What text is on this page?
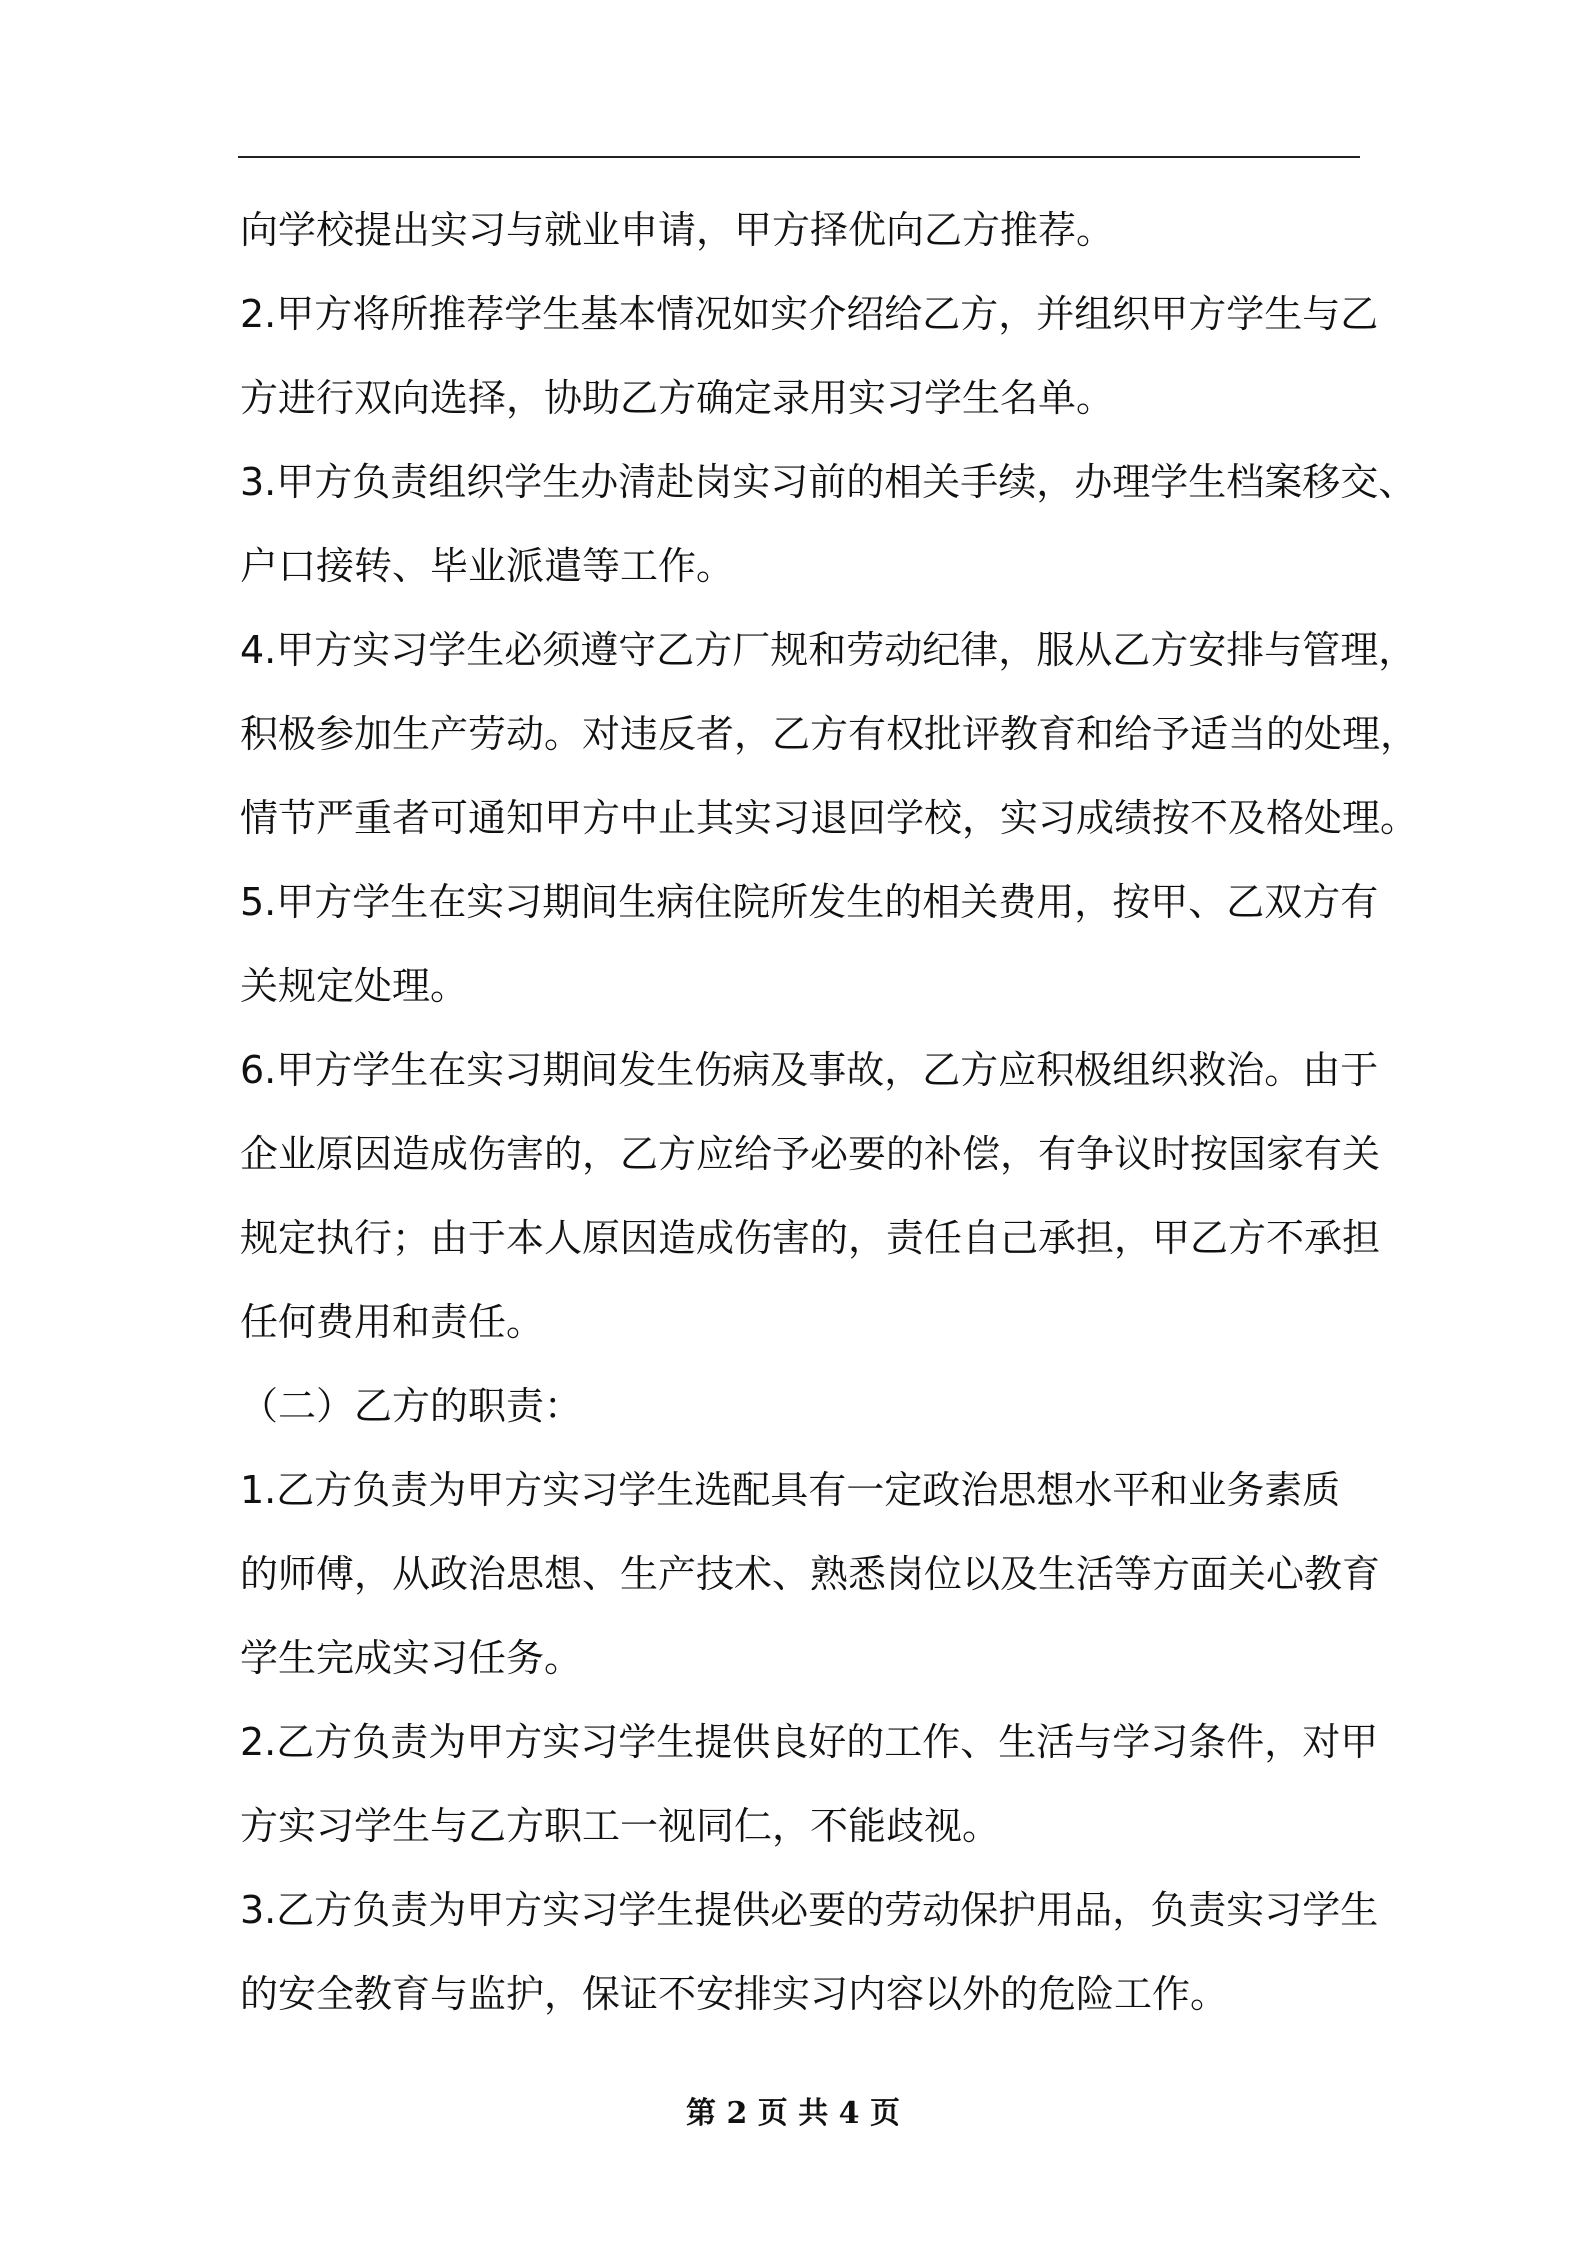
向学校提出实习与就业申请，甲方择优向乙方推荐。
2.甲方将所推荐学生基本情况如实介绍给乙方，并组织甲方学生与乙
方进行双向选择，协助乙方确定录用实习学生名单。
3.甲方负责组织学生办清赴岗实习前的相关手续，办理学生档案移交、
户口接转、毕业派遣等工作。
4.甲方实习学生必须遵守乙方厂规和劳动纪律，服从乙方安排与管理，
积极参加生产劳动。对违反者，乙方有权批评教育和给予适当的处理，
情节严重者可通知甲方中止其实习退回学校，实习成绩按不及格处理。
5.甲方学生在实习期间生病住院所发生的相关费用，按甲、乙双方有
关规定处理。
6.甲方学生在实习期间发生伤病及事故，乙方应积极组织救治。由于
企业原因造成伤害的，乙方应给予必要的补偿，有争议时按国家有关
规定执行；由于本人原因造成伤害的，责任自己承担，甲乙方不承担
任何费用和责任。
（二）乙方的职责：
1.乙方负责为甲方实习学生选配具有一定政治思想水平和业务素质
的师傅，从政治思想、生产技术、熟悉岗位以及生活等方面关心教育
学生完成实习任务。
2.乙方负责为甲方实习学生提供良好的工作、生活与学习条件，对甲
方实习学生与乙方职工一视同仁，不能歧视。
3.乙方负责为甲方实习学生提供必要的劳动保护用品，负责实习学生
的安全教育与监护，保证不安排实习内容以外的危险工作。
第 2 页 共 4 页
